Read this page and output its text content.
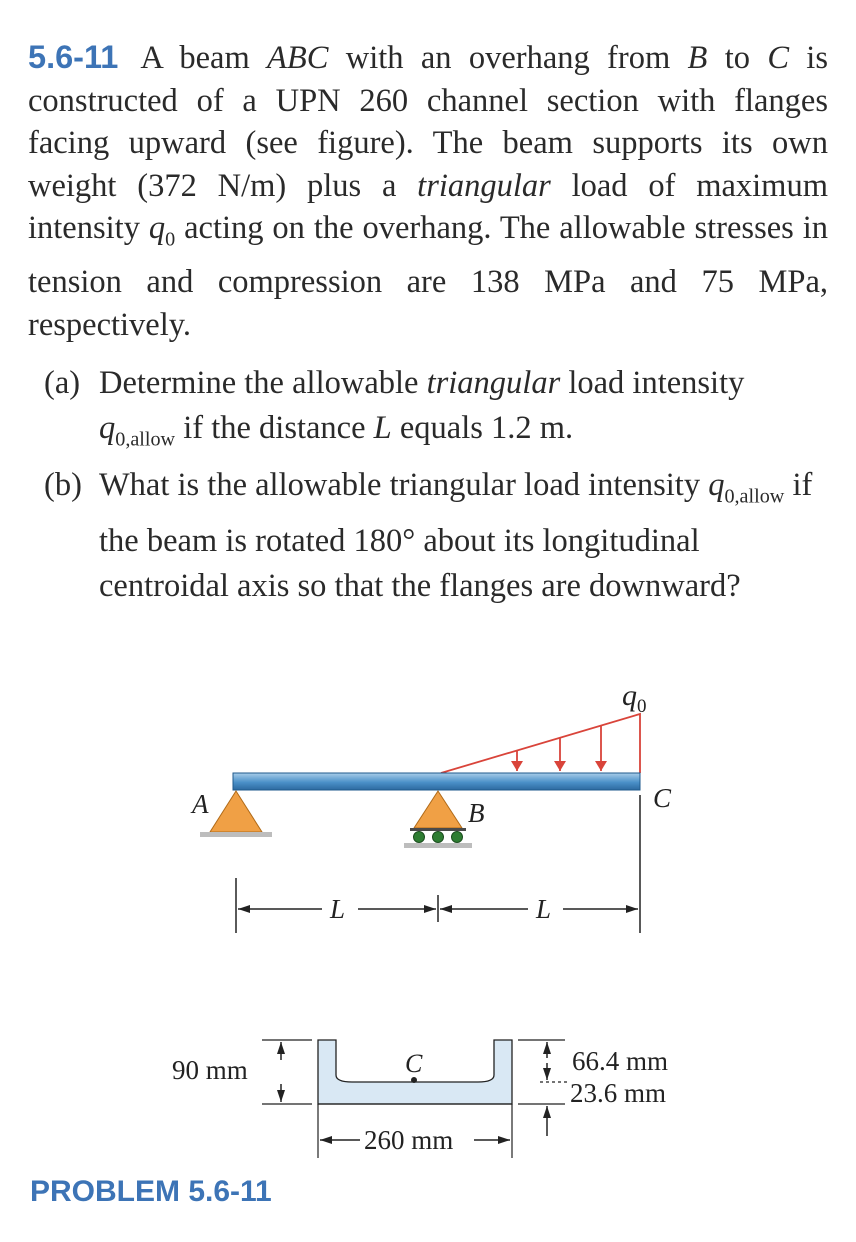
5.6-11 A beam ABC with an overhang from B to C is constructed of a UPN 260 channel section with flanges facing upward (see figure). The beam supports its own weight (372 N/m) plus a triangular load of maximum intensity $q_0$ acting on the overhang. The allowable stresses in tension and compression are 138 MPa and 75 MPa, respectively.

(a) Determine the allowable triangular load intensity $q_{0,allow}$ if the distance L equals 1.2 m.
(b) What is the allowable triangular load intensity $q_{0,allow}$ if the beam is rotated 180° about its longitudinal centroidal axis so that the flanges are downward?
$q_0$
A	B	C
L	L
C
90 mm	66.4 mm
23.6 mm
260 mm
PROBLEM 5.6-11
